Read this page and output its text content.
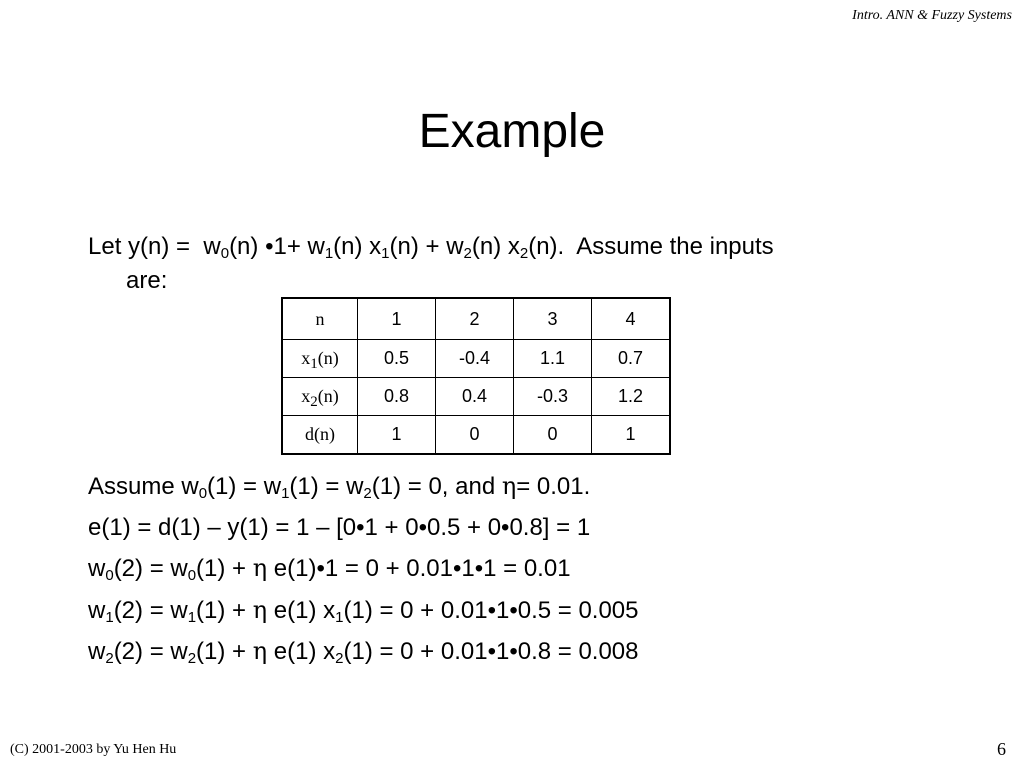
Intro. ANN & Fuzzy Systems
Example
Let $y(n) = w_0(n)$ •1+ $w_1(n) x_1(n) + w_2(n)$ $x_2(n)$.  Assume the inputs
are:
n	1	2	3	4
$x_1(n)$	0.5	-0.4	1.1	0.7
$x_2(n)$	0.8	0.4	-0.3	1.2
d(n)	1	0	0	1
Assume $w_0(1) = w_1(1) = w_2(1) = 0$, and η= 0.01.
e(1) = d(1) – y(1) = 1 – [0•1 + 0•0.5 + 0•0.8] = 1
$w_0(2) = w_0(1) + \eta$ e(1)•1 = 0 + 0.01•1•1 = 0.01
$w_1(2) = w_1(1) + \eta$ e(1) $x_1(1) = 0$ + 0.01•1•0.5 = 0.005
$w_2(2) = w_2(1) + \eta$ e(1) $x_2(1) = 0$ + 0.01•1•0.8 = 0.008
(C) 2001-2003 by Yu Hen Hu	6
